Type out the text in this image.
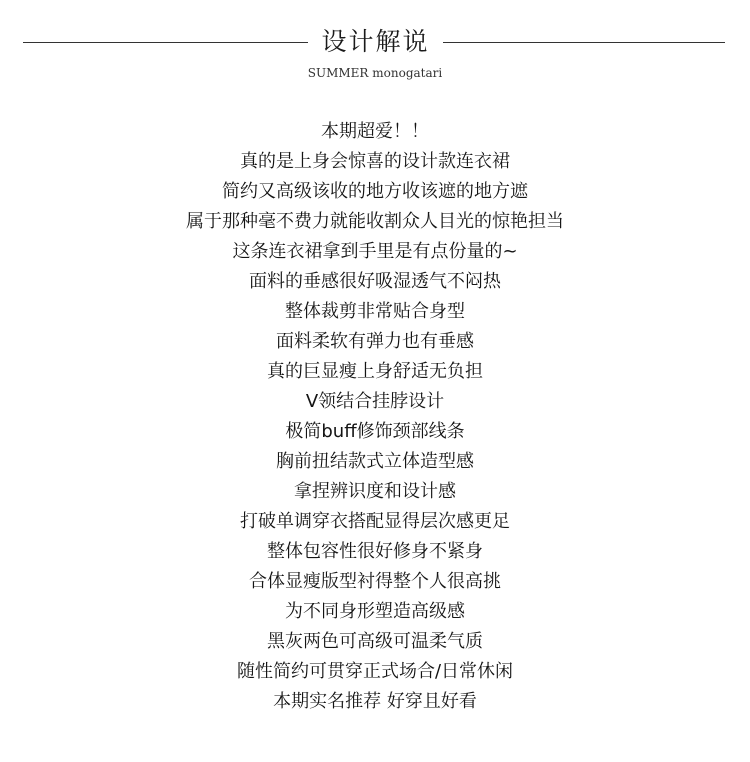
设计解说
SUMMER monogatari
本期超爱！！
真的是上身会惊喜的设计款连衣裙
简约又高级该收的地方收该遮的地方遮
属于那种毫不费力就能收割众人目光的惊艳担当
这条连衣裙拿到手里是有点份量的~
面料的垂感很好吸湿透气不闷热
整体裁剪非常贴合身型
面料柔软有弹力也有垂感
真的巨显瘦上身舒适无负担
V领结合挂脖设计
极简buff修饰颈部线条
胸前扭结款式立体造型感
拿捏辨识度和设计感
打破单调穿衣搭配显得层次感更足
整体包容性很好修身不紧身
合体显瘦版型衬得整个人很高挑
为不同身形塑造高级感
黑灰两色可高级可温柔气质
随性简约可贯穿正式场合/日常休闲
本期实名推荐 好穿且好看
